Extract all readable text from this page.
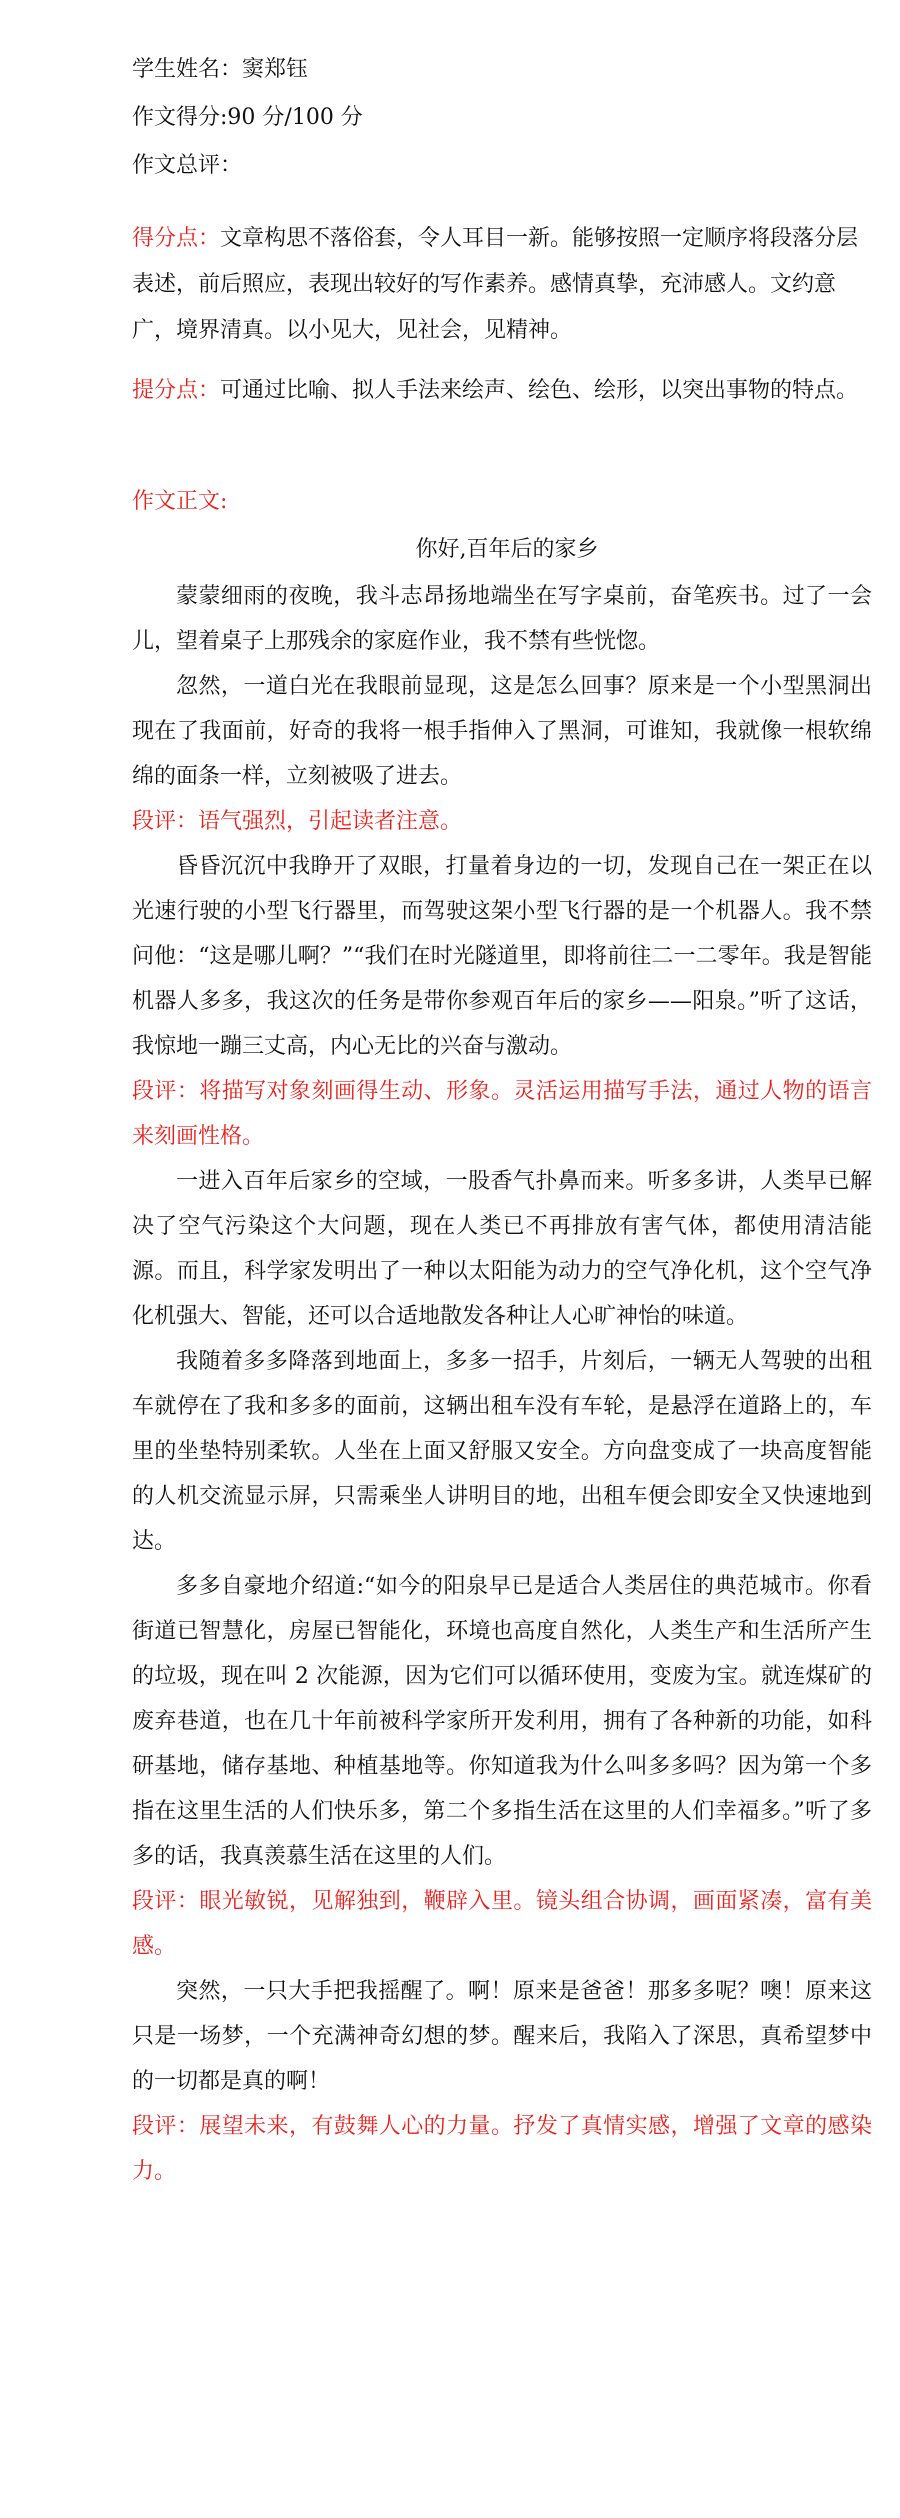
学生姓名：窦郑钰

作文得分:90 分/100 分

作文总评：

得分点：文章构思不落俗套，令人耳目一新。能够按照一定顺序将段落分层表述，前后照应，表现出较好的写作素养。感情真挚，充沛感人。文约意广，境界清真。以小见大，见社会，见精神。

提分点：可通过比喻、拟人手法来绘声、绘色、绘形，以突出事物的特点。

作文正文:

你好,百年后的家乡

蒙蒙细雨的夜晚，我斗志昂扬地端坐在写字桌前，奋笔疾书。过了一会儿，望着桌子上那残余的家庭作业，我不禁有些恍惚。

忽然，一道白光在我眼前显现，这是怎么回事？原来是一个小型黑洞出现在了我面前，好奇的我将一根手指伸入了黑洞，可谁知，我就像一根软绵绵的面条一样，立刻被吸了进去。

段评：语气强烈，引起读者注意。

昏昏沉沉中我睁开了双眼，打量着身边的一切，发现自己在一架正在以光速行驶的小型飞行器里，而驾驶这架小型飞行器的是一个机器人。我不禁问他：“这是哪儿啊？”“我们在时光隧道里，即将前往二一二零年。我是智能机器人多多，我这次的任务是带你参观百年后的家乡——阳泉。”听了这话，我惊地一蹦三丈高，内心无比的兴奋与激动。

段评：将描写对象刻画得生动、形象。灵活运用描写手法，通过人物的语言来刻画性格。

一进入百年后家乡的空域，一股香气扑鼻而来。听多多讲，人类早已解决了空气污染这个大问题，现在人类已不再排放有害气体，都使用清洁能源。而且，科学家发明出了一种以太阳能为动力的空气净化机，这个空气净化机强大、智能，还可以合适地散发各种让人心旷神怡的味道。

我随着多多降落到地面上，多多一招手，片刻后，一辆无人驾驶的出租车就停在了我和多多的面前，这辆出租车没有车轮，是悬浮在道路上的，车里的坐垫特别柔软。人坐在上面又舒服又安全。方向盘变成了一块高度智能的人机交流显示屏，只需乘坐人讲明目的地，出租车便会即安全又快速地到达。

多多自豪地介绍道:“如今的阳泉早已是适合人类居住的典范城市。你看街道已智慧化，房屋已智能化，环境也高度自然化，人类生产和生活所产生的垃圾，现在叫 2 次能源，因为它们可以循环使用，变废为宝。就连煤矿的废弃巷道，也在几十年前被科学家所开发利用，拥有了各种新的功能，如科研基地，储存基地、种植基地等。你知道我为什么叫多多吗？因为第一个多指在这里生活的人们快乐多，第二个多指生活在这里的人们幸福多。”听了多多的话，我真羡慕生活在这里的人们。

段评：眼光敏锐，见解独到，鞭辟入里。镜头组合协调，画面紧凑，富有美感。

突然，一只大手把我摇醒了。啊！原来是爸爸！那多多呢？噢！原来这只是一场梦，一个充满神奇幻想的梦。醒来后，我陷入了深思，真希望梦中的一切都是真的啊！

段评：展望未来，有鼓舞人心的力量。抒发了真情实感，增强了文章的感染力。
